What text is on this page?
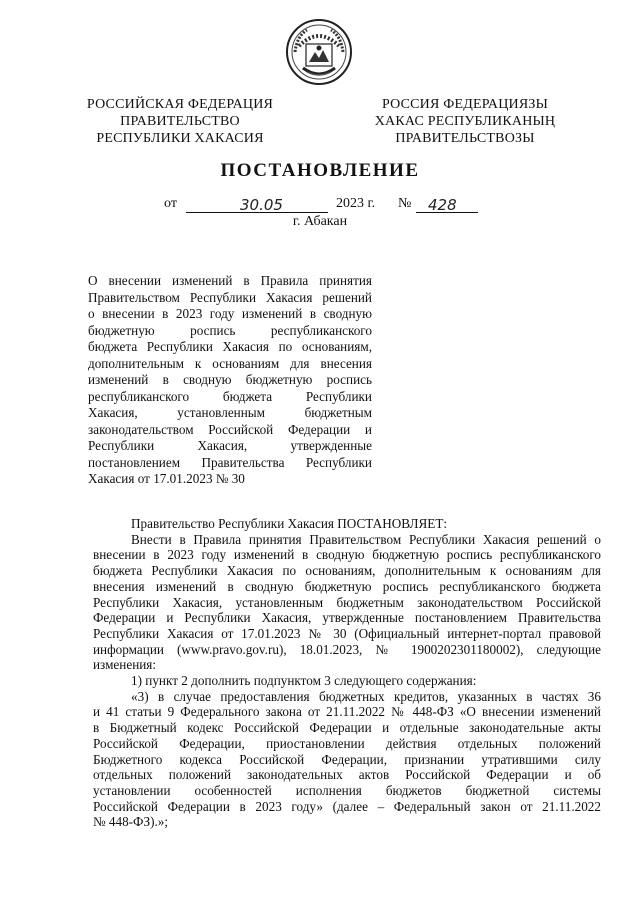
РОССИЙСКАЯ ФЕДЕРАЦИЯ
ПРАВИТЕЛЬСТВО
РЕСПУБЛИКИ ХАКАСИЯ
РОССИЯ ФЕДЕРАЦИЯЗЫ
ХАКАС РЕСПУБЛИКАНЫҢ
ПРАВИТЕЛЬСТВОЗЫ
ПОСТАНОВЛЕНИЕ
от	30.05	2023 г. № 428
г. Абакан
О внесении изменений в Правила принятия
Правительством Республики Хакасия решений
о внесении в 2023 году изменений в сводную
бюджетную роспись республиканского
бюджета Республики Хакасия по основаниям,
дополнительным к основаниям для внесения
изменений в сводную бюджетную роспись
республиканского бюджета Республики
Хакасия, установленным бюджетным
законодательством Российской Федерации и
Республики Хакасия, утвержденные
постановлением Правительства Республики
Хакасия от 17.01.2023 № 30
Правительство Республики Хакасия ПОСТАНОВЛЯЕТ:
Внести в Правила принятия Правительством Республики Хакасия решений о
внесении в 2023 году изменений в сводную бюджетную роспись республиканского
бюджета Республики Хакасия по основаниям, дополнительным к основаниям для
внесения изменений в сводную бюджетную роспись республиканского бюджета
Республики Хакасия, установленным бюджетным законодательством Российской
Федерации и Республики Хакасия, утвержденные постановлением Правительства
Республики Хакасия от 17.01.2023 № 30 (Официальный интернет-портал правовой
информации (www.pravo.gov.ru), 18.01.2023, № 1900202301180002), следующие
изменения:
1) пункт 2 дополнить подпунктом 3 следующего содержания:
«3) в случае предоставления бюджетных кредитов, указанных в частях 36
и 41 статьи 9 Федерального закона от 21.11.2022 № 448-ФЗ «О внесении изменений
в Бюджетный кодекс Российской Федерации и отдельные законодательные акты
Российской Федерации, приостановлении действия отдельных положений
Бюджетного кодекса Российской Федерации, признании утратившими силу
отдельных положений законодательных актов Российской Федерации и об
установлении особенностей исполнения бюджетов бюджетной системы
Российской Федерации в 2023 году» (далее – Федеральный закон от 21.11.2022
№ 448-ФЗ).»;
